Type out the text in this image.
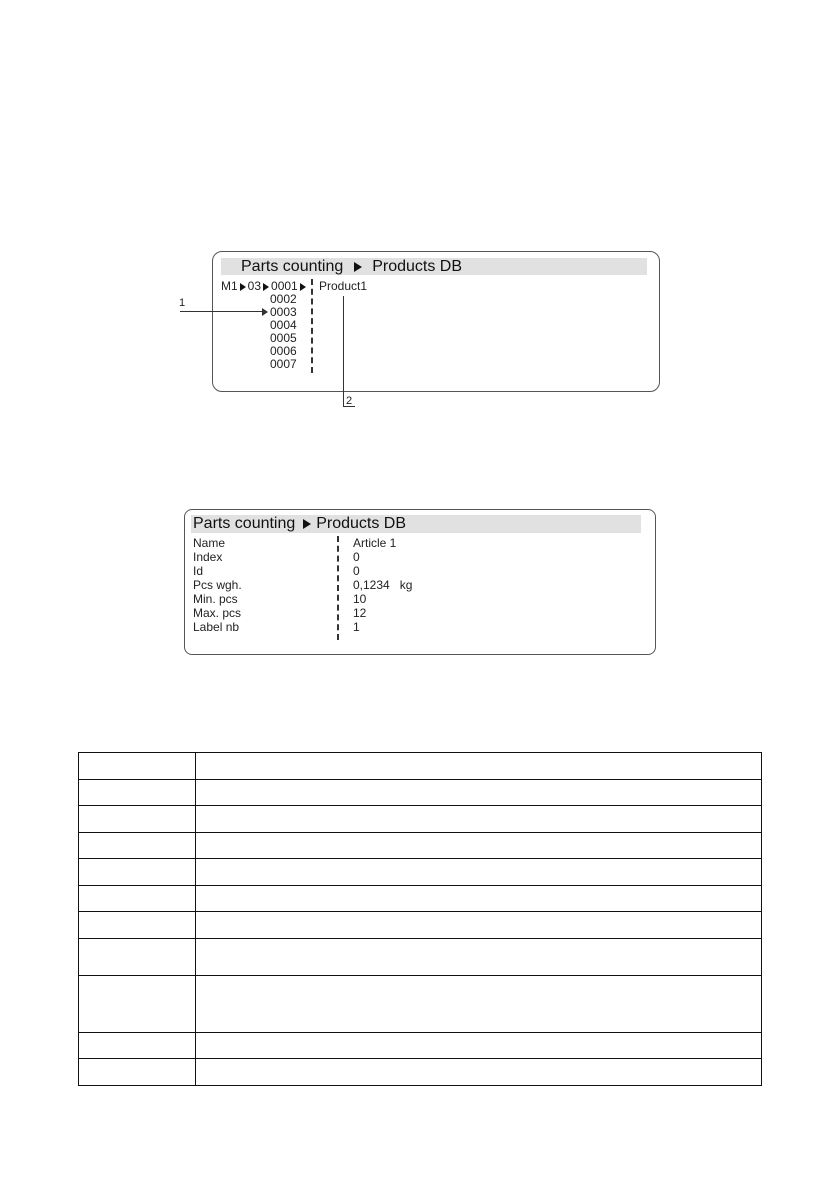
Parts counting Products DB
M1 03 0001
0002
0003
0004
0005
0006
0007
Product1
1
2
Parts counting Products DB
Name	Article 1
Index	0
Id	0
Pcs wgh.	0,1234   kg
Min. pcs	10
Max. pcs	12
Label nb	1
